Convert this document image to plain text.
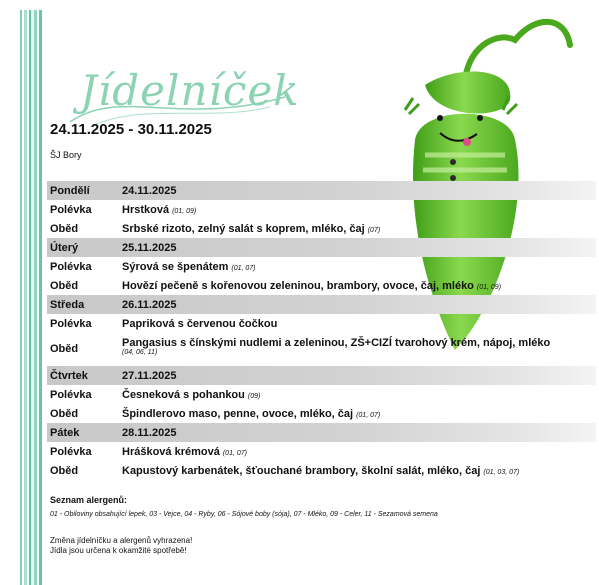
Jídelníček
24.11.2025 - 30.11.2025
ŠJ Bory
Pondělí	24.11.2025
Polévka	Hrstková (01, 09)
Oběd	Srbské rizoto, zelný salát s koprem, mléko, čaj (07)
Úterý	25.11.2025
Polévka	Sýrová se špenátem (01, 07)
Oběd	Hovězí pečeně s kořenovou zeleninou, brambory, ovoce, čaj, mléko (01, 09)
Středa	26.11.2025
Polévka	Papriková s červenou čočkou
Oběd	Pangasius s čínskými nudlemi a zeleninou, ZŠ+CIZÍ tvarohový krém, nápoj, mléko
(04, 06, 11)
Čtvrtek	27.11.2025
Polévka	Česneková s pohankou (09)
Oběd	Špindlerovo maso, penne, ovoce, mléko, čaj (01, 07)
Pátek	28.11.2025
Polévka	Hrášková krémová (01, 07)
Oběd	Kapustový karbenátek, šťouchané brambory, školní salát, mléko, čaj (01, 03, 07)
Seznam alergenů:
01 - Obiloviny obsahující lepek, 03 - Vejce, 04 - Ryby, 06 - Sójové boby (sója), 07 - Mléko, 09 - Celer, 11 - Sezamová semena
Změna jídelníčku a alergenů vyhrazena!
Jídla jsou určena k okamžité spotřebě!
